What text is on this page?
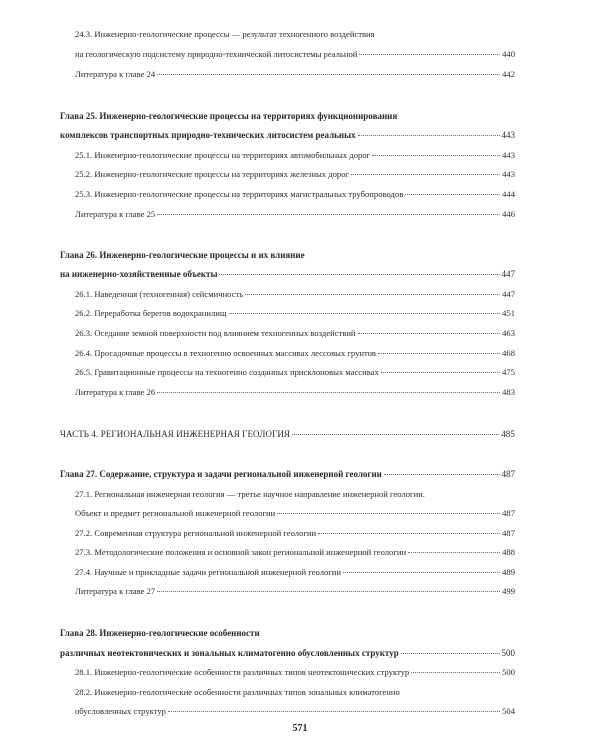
24.3. Инженерно-геологические процессы — результат техногенного воздействия
на геологическую подсистему природно-технической литосистемы реальной	440
Литература к главе 24	442
Глава 25. Инженерно-геологические процессы на территориях функционирования
комплексов транспортных природно-технических литосистем реальных	443
25.1. Инженерно-геологические процессы на территориях автомобильных дорог	443
25.2. Инженерно-геологические процессы на территориях железных дорог	443
25.3. Инженерно-геологические процессы на территориях магистральных трубопроводов	444
Литература к главе 25	446
Глава 26. Инженерно-геологические процессы и их влияние
на инженерно-хозяйственные объекты	447
26.1. Наведенная (техногенная) сейсмичность	447
26.2. Переработка берегов водохранилищ	451
26.3. Оседание земной поверхности под влиянием техногенных воздействий	463
26.4. Просадочные процессы в техногенно освоенных массивах лессовых грунтов	468
26.5. Гравитационные процессы на техногенно созданных присклоновых массивах	475
Литература к главе 26	483
ЧАСТЬ 4. РЕГИОНАЛЬНАЯ ИНЖЕНЕРНАЯ ГЕОЛОГИЯ	485
Глава 27. Содержание, структура и задачи региональной инженерной геологии	487
27.1. Региональная инженерная геология — третье научное направление инженерной геологии.
Объект и предмет региональной инженерной геологии	487
27.2. Современная структура региональной инженерной геологии	487
27.3. Методологические положения и основной закон региональной инженерной геологии	488
27.4. Научные и прикладные задачи региональной инженерной геологии	489
Литература к главе 27	499
Глава 28. Инженерно-геологические особенности
различных неотектонических и зональных климатогенно обусловленных структур	500
28.1. Инженерно-геологические особенности различных типов неотектонических структур	500
28.2. Инженерно-геологические особенности различных типов зональных климатогенно
обусловленных структур	504
571
